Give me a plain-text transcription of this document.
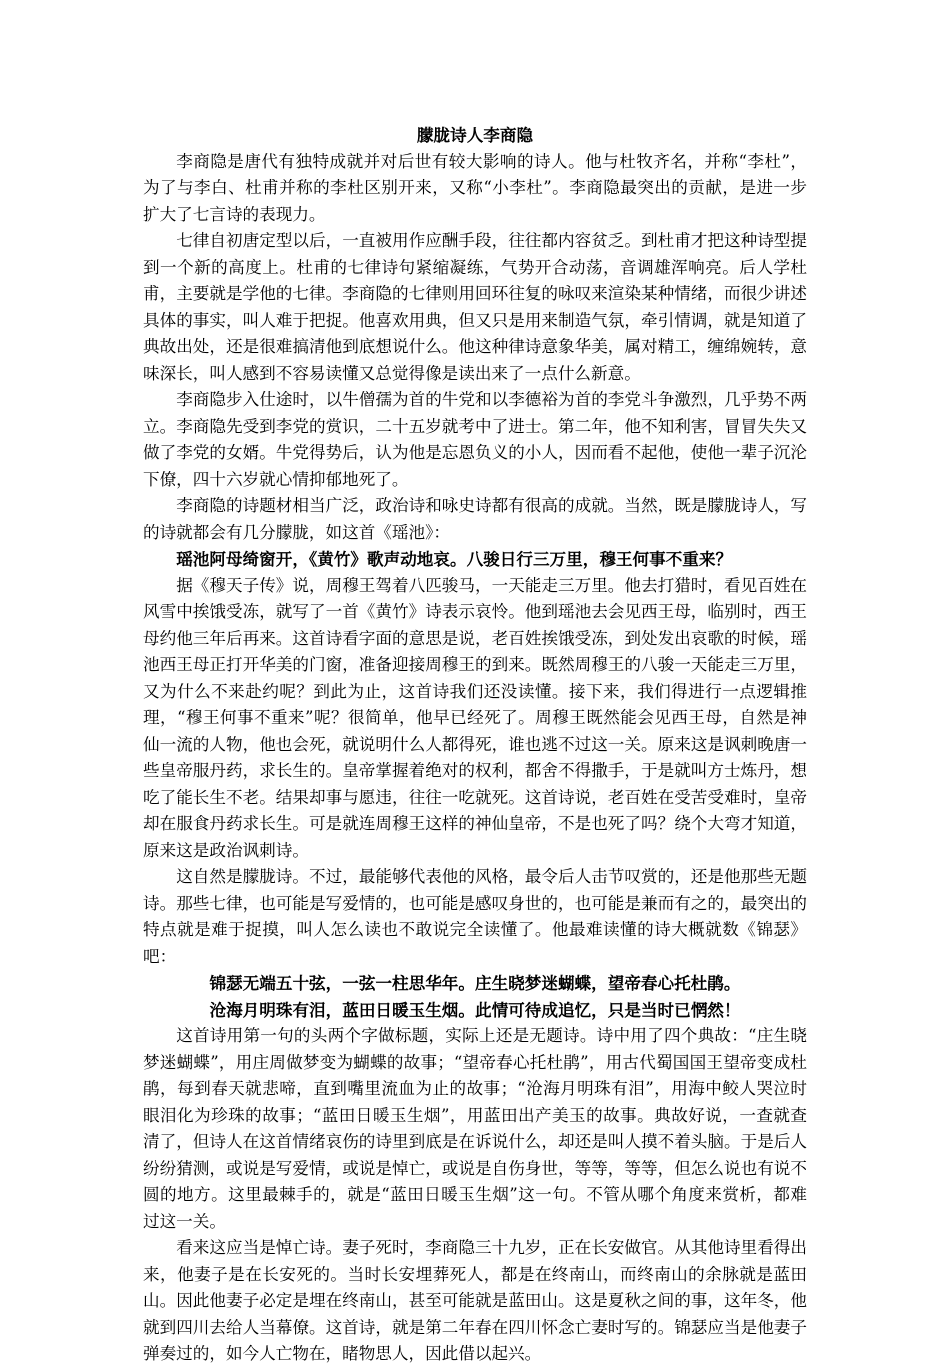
朦胧诗人李商隐

李商隐是唐代有独特成就并对后世有较大影响的诗人。他与杜牧齐名，并称“李杜”，为了与李白、杜甫并称的李杜区别开来，又称“小李杜”。李商隐最突出的贡献，是进一步扩大了七言诗的表现力。

七律自初唐定型以后，一直被用作应酬手段，往往都内容贫乏。到杜甫才把这种诗型提到一个新的高度上。杜甫的七律诗句紧缩凝练，气势开合动荡，音调雄浑响亮。后人学杜甫，主要就是学他的七律。李商隐的七律则用回环往复的咏叹来渲染某种情绪，而很少讲述具体的事实，叫人难于把捉。他喜欢用典，但又只是用来制造气氛，牵引情调，就是知道了典故出处，还是很难搞清他到底想说什么。他这种律诗意象华美，属对精工，缠绵婉转，意味深长，叫人感到不容易读懂又总觉得像是读出来了一点什么新意。

李商隐步入仕途时，以牛僧孺为首的牛党和以李德裕为首的李党斗争激烈，几乎势不两立。李商隐先受到李党的赏识，二十五岁就考中了进士。第二年，他不知利害，冒冒失失又做了李党的女婿。牛党得势后，认为他是忘恩负义的小人，因而看不起他，使他一辈子沉沦下僚，四十六岁就心情抑郁地死了。

李商隐的诗题材相当广泛，政治诗和咏史诗都有很高的成就。当然，既是朦胧诗人，写的诗就都会有几分朦胧，如这首《瑶池》：

瑶池阿母绮窗开，《黄竹》歌声动地哀。八骏日行三万里，穆王何事不重来？

据《穆天子传》说，周穆王驾着八匹骏马，一天能走三万里。他去打猎时，看见百姓在风雪中挨饿受冻，就写了一首《黄竹》诗表示哀怜。他到瑶池去会见西王母，临别时，西王母约他三年后再来。这首诗看字面的意思是说，老百姓挨饿受冻，到处发出哀歌的时候，瑶池西王母正打开华美的门窗，准备迎接周穆王的到来。既然周穆王的八骏一天能走三万里，又为什么不来赴约呢？到此为止，这首诗我们还没读懂。接下来，我们得进行一点逻辑推理，“穆王何事不重来”呢？很简单，他早已经死了。周穆王既然能会见西王母，自然是神仙一流的人物，他也会死，就说明什么人都得死，谁也逃不过这一关。原来这是讽刺晚唐一些皇帝服丹药，求长生的。皇帝掌握着绝对的权利，都舍不得撒手，于是就叫方士炼丹，想吃了能长生不老。结果却事与愿违，往往一吃就死。这首诗说，老百姓在受苦受难时，皇帝却在服食丹药求长生。可是就连周穆王这样的神仙皇帝，不是也死了吗？绕个大弯才知道，原来这是政治讽刺诗。

这自然是朦胧诗。不过，最能够代表他的风格，最令后人击节叹赏的，还是他那些无题诗。那些七律，也可能是写爱情的，也可能是感叹身世的，也可能是兼而有之的，最突出的特点就是难于捉摸，叫人怎么读也不敢说完全读懂了。他最难读懂的诗大概就数《锦瑟》吧：

锦瑟无端五十弦，一弦一柱思华年。庄生晓梦迷蝴蝶，望帝春心托杜鹃。

沧海月明珠有泪，蓝田日暖玉生烟。此情可待成追忆，只是当时已惘然！

这首诗用第一句的头两个字做标题，实际上还是无题诗。诗中用了四个典故：“庄生晓梦迷蝴蝶”，用庄周做梦变为蝴蝶的故事；“望帝春心托杜鹃”，用古代蜀国国王望帝变成杜鹃，每到春天就悲啼，直到嘴里流血为止的故事；“沧海月明珠有泪”，用海中鲛人哭泣时眼泪化为珍珠的故事；“蓝田日暖玉生烟”，用蓝田出产美玉的故事。典故好说，一查就查清了，但诗人在这首情绪哀伤的诗里到底是在诉说什么，却还是叫人摸不着头脑。于是后人纷纷猜测，或说是写爱情，或说是悼亡，或说是自伤身世，等等，等等，但怎么说也有说不圆的地方。这里最棘手的，就是“蓝田日暖玉生烟”这一句。不管从哪个角度来赏析，都难过这一关。

看来这应当是悼亡诗。妻子死时，李商隐三十九岁，正在长安做官。从其他诗里看得出来，他妻子是在长安死的。当时长安埋葬死人，都是在终南山，而终南山的余脉就是蓝田山。因此他妻子必定是埋在终南山，甚至可能就是蓝田山。这是夏秋之间的事，这年冬，他就到四川去给人当幕僚。这首诗，就是第二年春在四川怀念亡妻时写的。锦瑟应当是他妻子弹奏过的，如今人亡物在，睹物思人，因此借以起兴。
